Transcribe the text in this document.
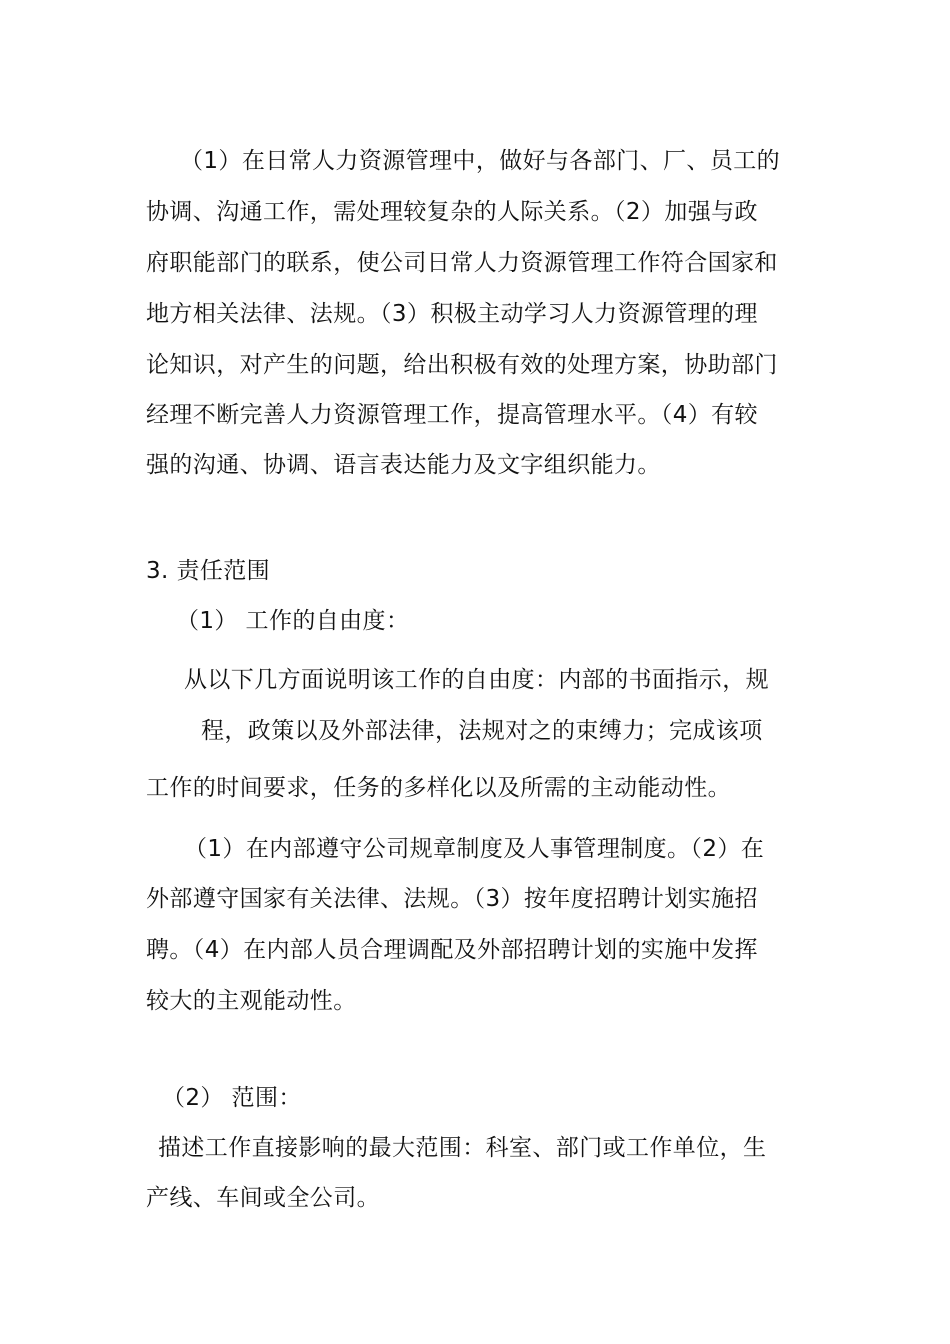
（1）在日常人力资源管理中，做好与各部门、厂、员工的
协调、沟通工作，需处理较复杂的人际关系。（2）加强与政
府职能部门的联系，使公司日常人力资源管理工作符合国家和
地方相关法律、法规。（3）积极主动学习人力资源管理的理
论知识，对产生的问题，给出积极有效的处理方案，协助部门
经理不断完善人力资源管理工作，提高管理水平。（4）有较
强的沟通、协调、语言表达能力及文字组织能力。
3. 责任范围
（1） 工作的自由度：
从以下几方面说明该工作的自由度：内部的书面指示，规
程，政策以及外部法律，法规对之的束缚力；完成该项
工作的时间要求，任务的多样化以及所需的主动能动性。
（1）在内部遵守公司规章制度及人事管理制度。（2）在
外部遵守国家有关法律、法规。（3）按年度招聘计划实施招
聘。（4）在内部人员合理调配及外部招聘计划的实施中发挥
较大的主观能动性。
（2） 范围：
描述工作直接影响的最大范围：科室、部门或工作单位，生
产线、车间或全公司。
